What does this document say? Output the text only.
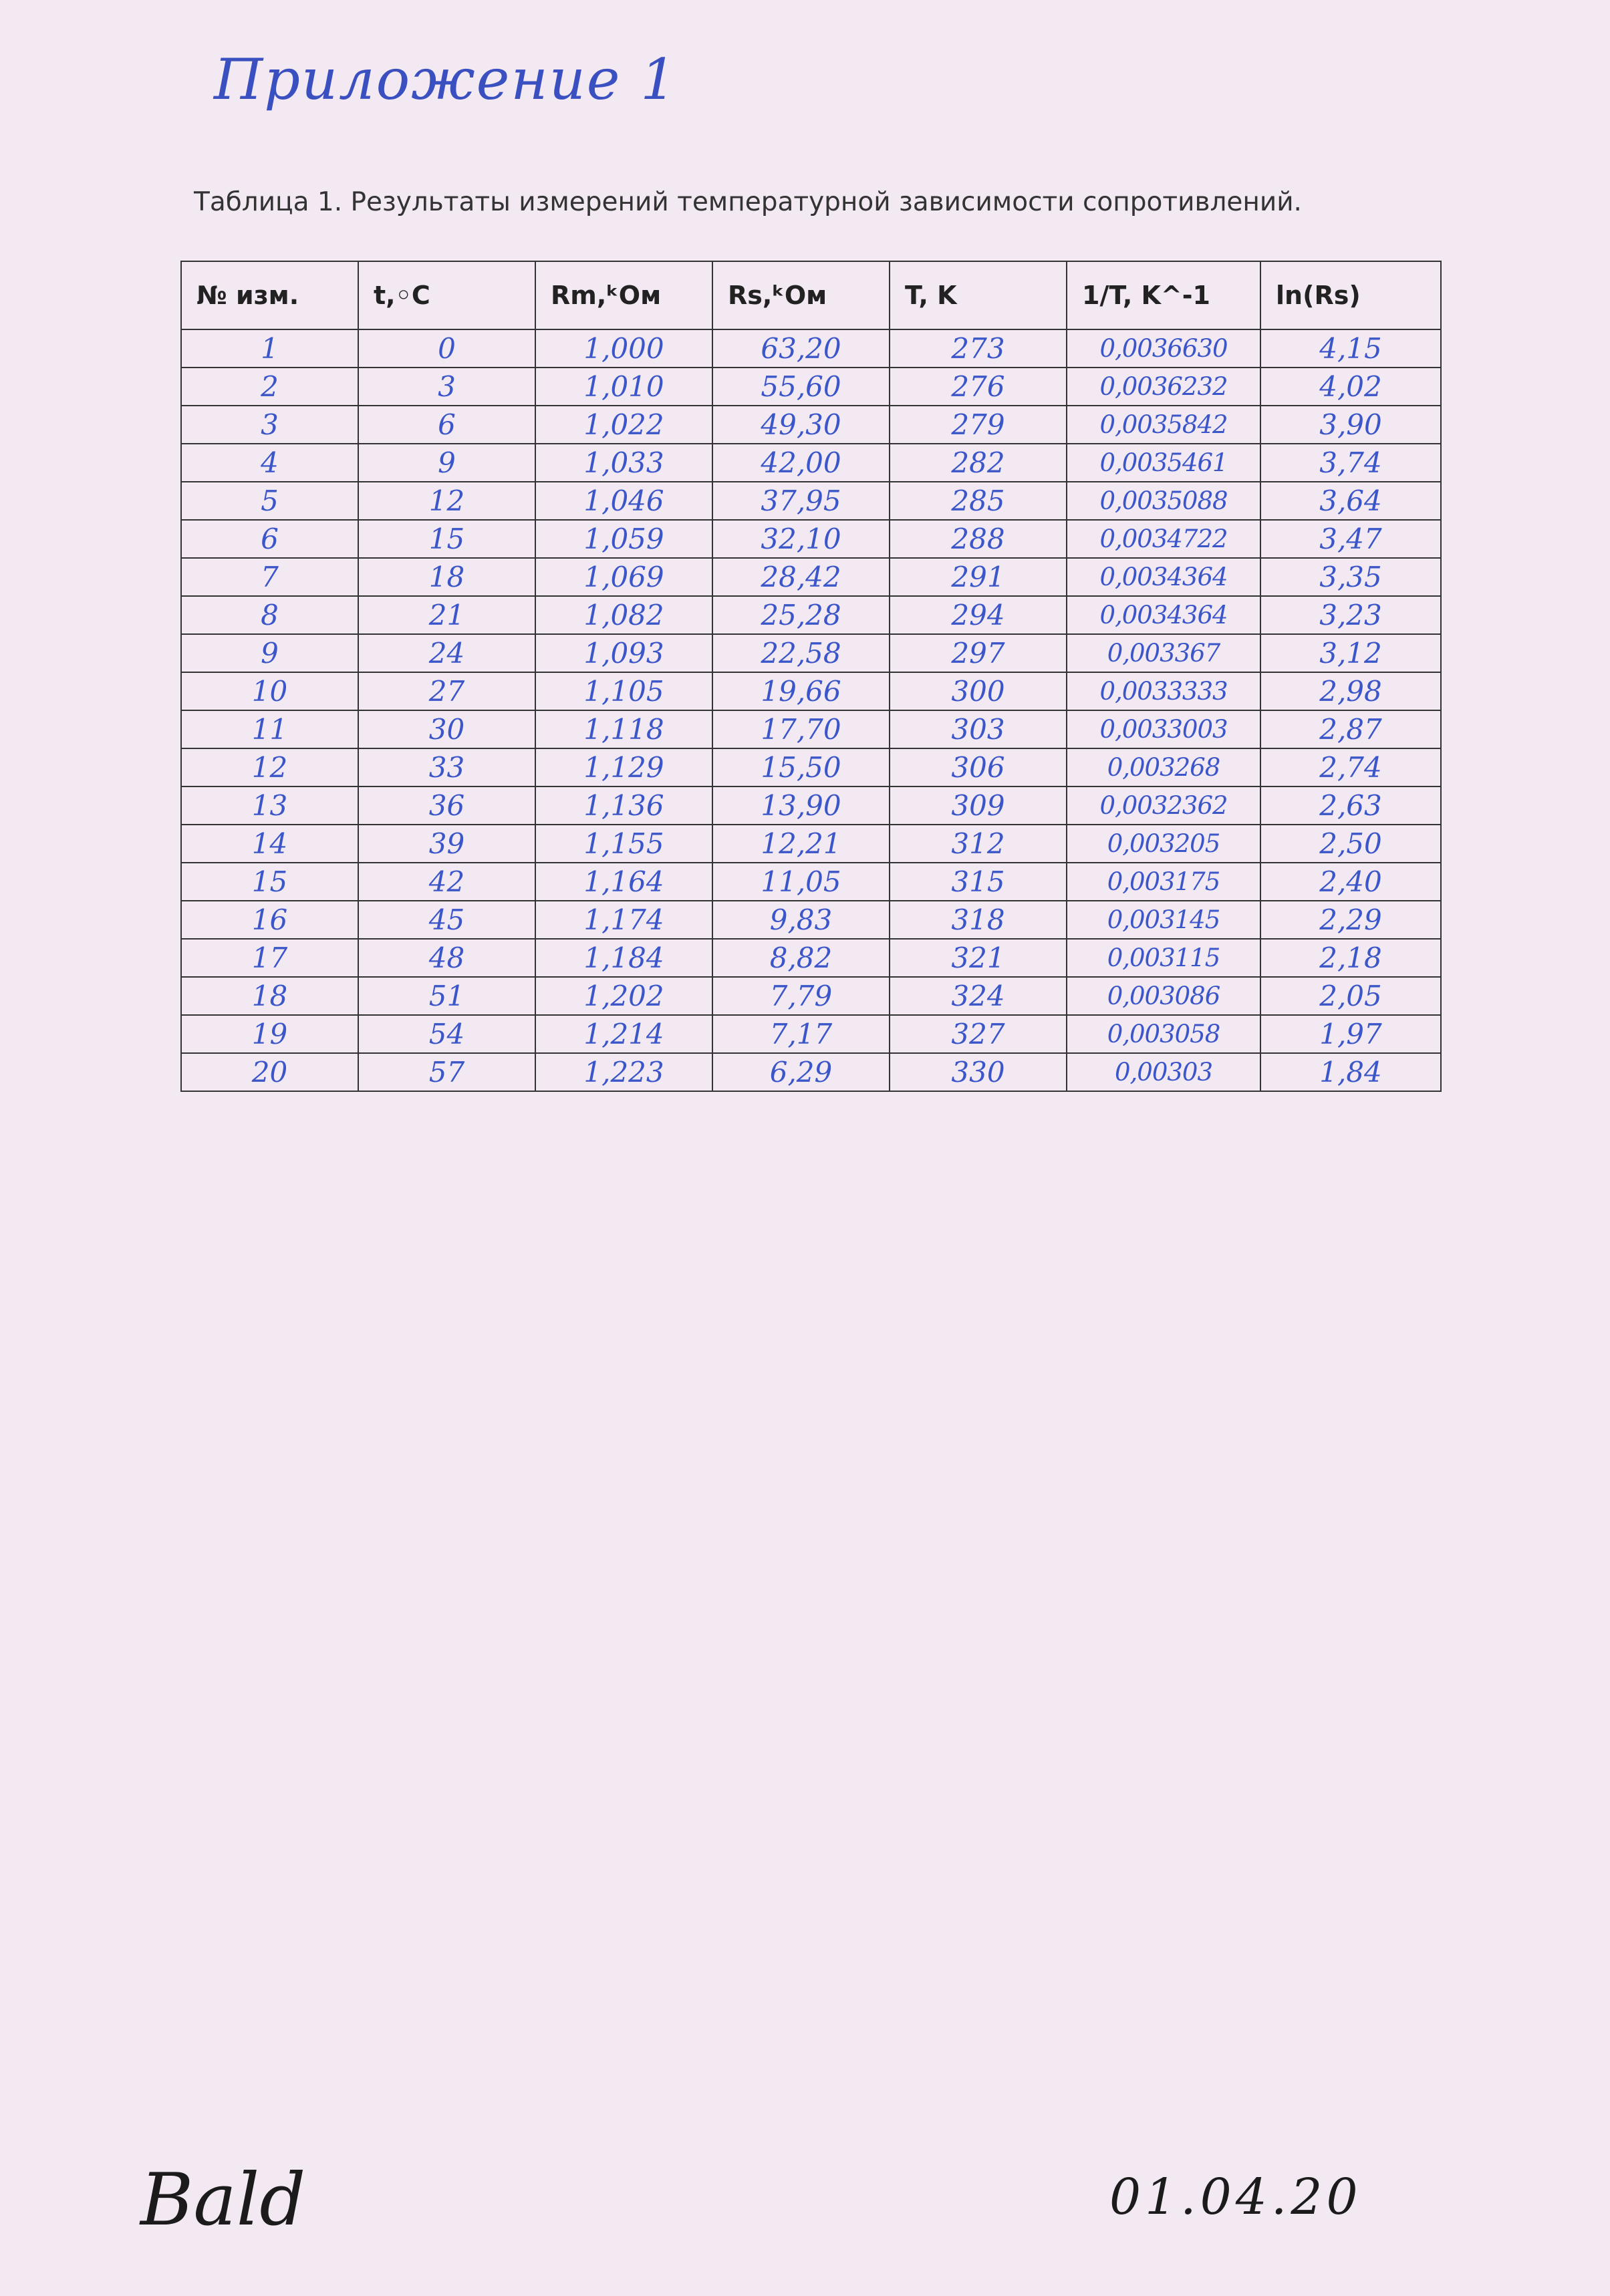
Приложение 1
Таблица 1. Результаты измерений температурной зависимости сопротивлений.
№ изм.	t,◦C	Rm,ᵏОм	Rs,ᵏОм	T, K	1/T, K^-1	ln(Rs)
1	0	1,000	63,20	273	0,0036630	4,15
2	3	1,010	55,60	276	0,0036232	4,02
3	6	1,022	49,30	279	0,0035842	3,90
4	9	1,033	42,00	282	0,0035461	3,74
5	12	1,046	37,95	285	0,0035088	3,64
6	15	1,059	32,10	288	0,0034722	3,47
7	18	1,069	28,42	291	0,0034364	3,35
8	21	1,082	25,28	294	0,0034364	3,23
9	24	1,093	22,58	297	0,003367	3,12
10	27	1,105	19,66	300	0,0033333	2,98
11	30	1,118	17,70	303	0,0033003	2,87
12	33	1,129	15,50	306	0,003268	2,74
13	36	1,136	13,90	309	0,0032362	2,63
14	39	1,155	12,21	312	0,003205	2,50
15	42	1,164	11,05	315	0,003175	2,40
16	45	1,174	9,83	318	0,003145	2,29
17	48	1,184	8,82	321	0,003115	2,18
18	51	1,202	7,79	324	0,003086	2,05
19	54	1,214	7,17	327	0,003058	1,97
20	57	1,223	6,29	330	0,00303	1,84
Bald	01.04.20
